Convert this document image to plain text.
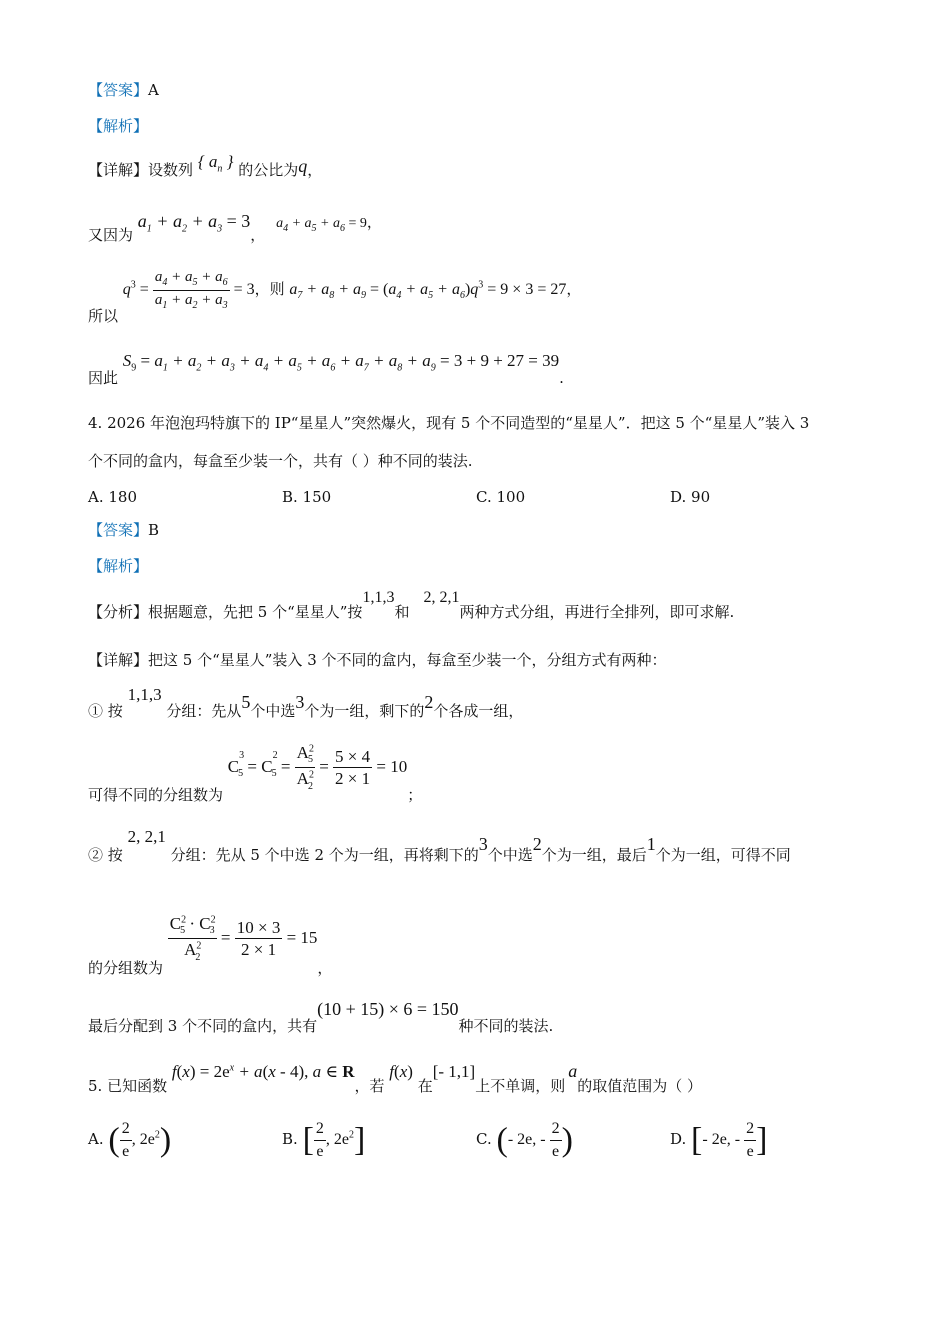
【答案】A
【解析】
【详解】设数列 { $a_n$ } 的公比为q，
又因为 $a_1 + a_2 + a_3 = 3$， $a_4 + a_5 + a_6 = 9$，
所以 $q^3 = \frac{a_4 + a_5 + a_6}{a_1 + a_2 + a_3} = 3$，则 $a_7 + a_8 + a_9 = (a_4 + a_5 + a_6)q^3 = 9 \times 3 = 27$，
因此 $S_9 = a_1 + a_2 + a_3 + a_4 + a_5 + a_6 + a_7 + a_8 + a_9 = 3 + 9 + 27 = 39$.
4. 2026 年泡泡玛特旗下的 IP“星星人”突然爆火，现有 5 个不同造型的“星星人”．把这 5 个“星星人”装入 3
个不同的盒内，每盒至少装一个，共有（ ）种不同的装法.
A. 180	B. 150	C. 100	D. 90
【答案】B
【解析】
【分析】根据题意，先把 5 个“星星人”按1,1,3和2, 2,1两种方式分组，再进行全排列，即可求解.
【详解】把这 5 个“星星人”装入 3 个不同的盒内，每盒至少装一个，分组方式有两种：
① 按 1,1,3 分组：先从5个中选3个为一组，剩下的2个各成一组，
可得不同的分组数为 $C_{^35} = C_{^25} = \frac{A^2_5}{A^2_2} = \frac{5 \times 4}{2 \times 1} = 10$；
② 按 2, 2,1 分组：先从 5 个中选 2 个为一组，再将剩下的3个中选2个为一组，最后1个为一组，可得不同
的分组数为
$\frac{C^2_5 \cdot C^2_3}{A^2_2} = \frac{10 \times 3}{2 \times 1} = 15$，
最后分配到 3 个不同的盒内，共有(10 + 15) × 6 = 150种不同的装法.
5. 已知函数 $f(x) = 2e^x + a(x - 4)$, a ∈ R，若 f(x) 在[- 1,1]上不单调，则a的取值范围为（ ）
A. ( $\frac{2}{e}$ , $2e^2$)	B. [ $\frac{2}{e}$ , $2e^2$]	C. (- 2e, - $\frac{2}{e}$ )	D. [- 2e, - $\frac{2}{e}$ ]
